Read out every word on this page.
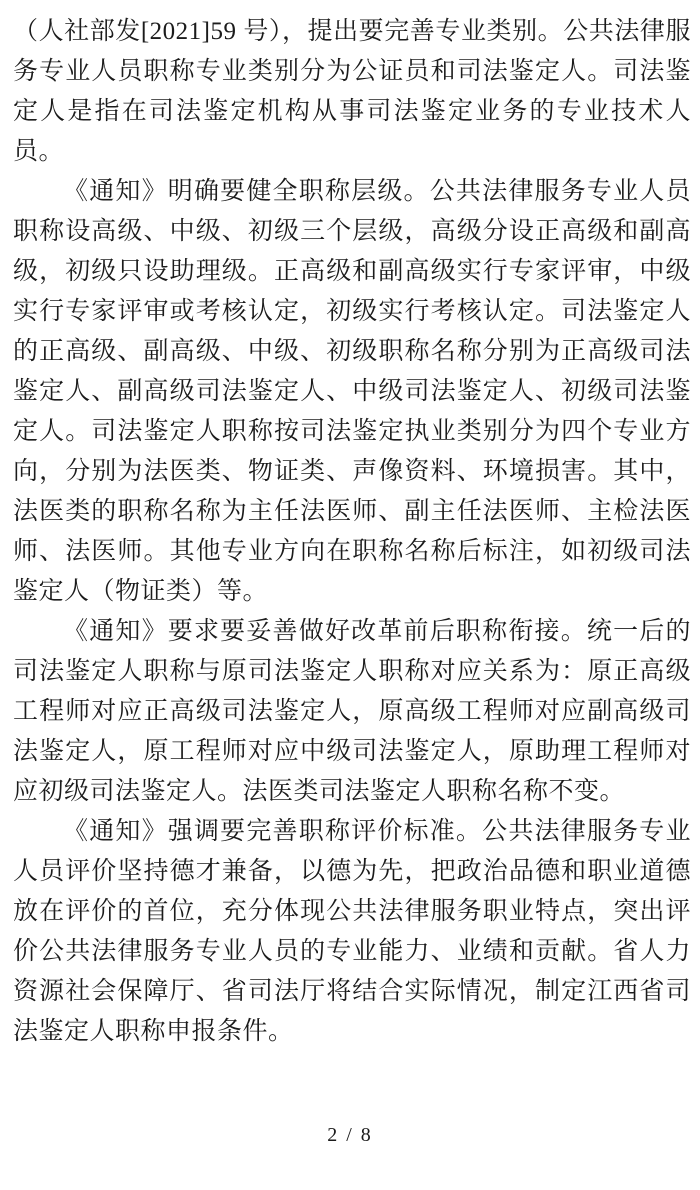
（人社部发[2021]59 号），提出要完善专业类别。公共法律服务专业人员职称专业类别分为公证员和司法鉴定人。司法鉴定人是指在司法鉴定机构从事司法鉴定业务的专业技术人员。

《通知》明确要健全职称层级。公共法律服务专业人员职称设高级、中级、初级三个层级，高级分设正高级和副高级，初级只设助理级。正高级和副高级实行专家评审，中级实行专家评审或考核认定，初级实行考核认定。司法鉴定人的正高级、副高级、中级、初级职称名称分别为正高级司法鉴定人、副高级司法鉴定人、中级司法鉴定人、初级司法鉴定人。司法鉴定人职称按司法鉴定执业类别分为四个专业方向，分别为法医类、物证类、声像资料、环境损害。其中，法医类的职称名称为主任法医师、副主任法医师、主检法医师、法医师。其他专业方向在职称名称后标注，如初级司法鉴定人（物证类）等。

《通知》要求要妥善做好改革前后职称衔接。统一后的司法鉴定人职称与原司法鉴定人职称对应关系为：原正高级工程师对应正高级司法鉴定人，原高级工程师对应副高级司法鉴定人，原工程师对应中级司法鉴定人，原助理工程师对应初级司法鉴定人。法医类司法鉴定人职称名称不变。

《通知》强调要完善职称评价标准。公共法律服务专业人员评价坚持德才兼备，以德为先，把政治品德和职业道德放在评价的首位，充分体现公共法律服务职业特点，突出评价公共法律服务专业人员的专业能力、业绩和贡献。省人力资源社会保障厅、省司法厅将结合实际情况，制定江西省司法鉴定人职称申报条件。

2 / 8
